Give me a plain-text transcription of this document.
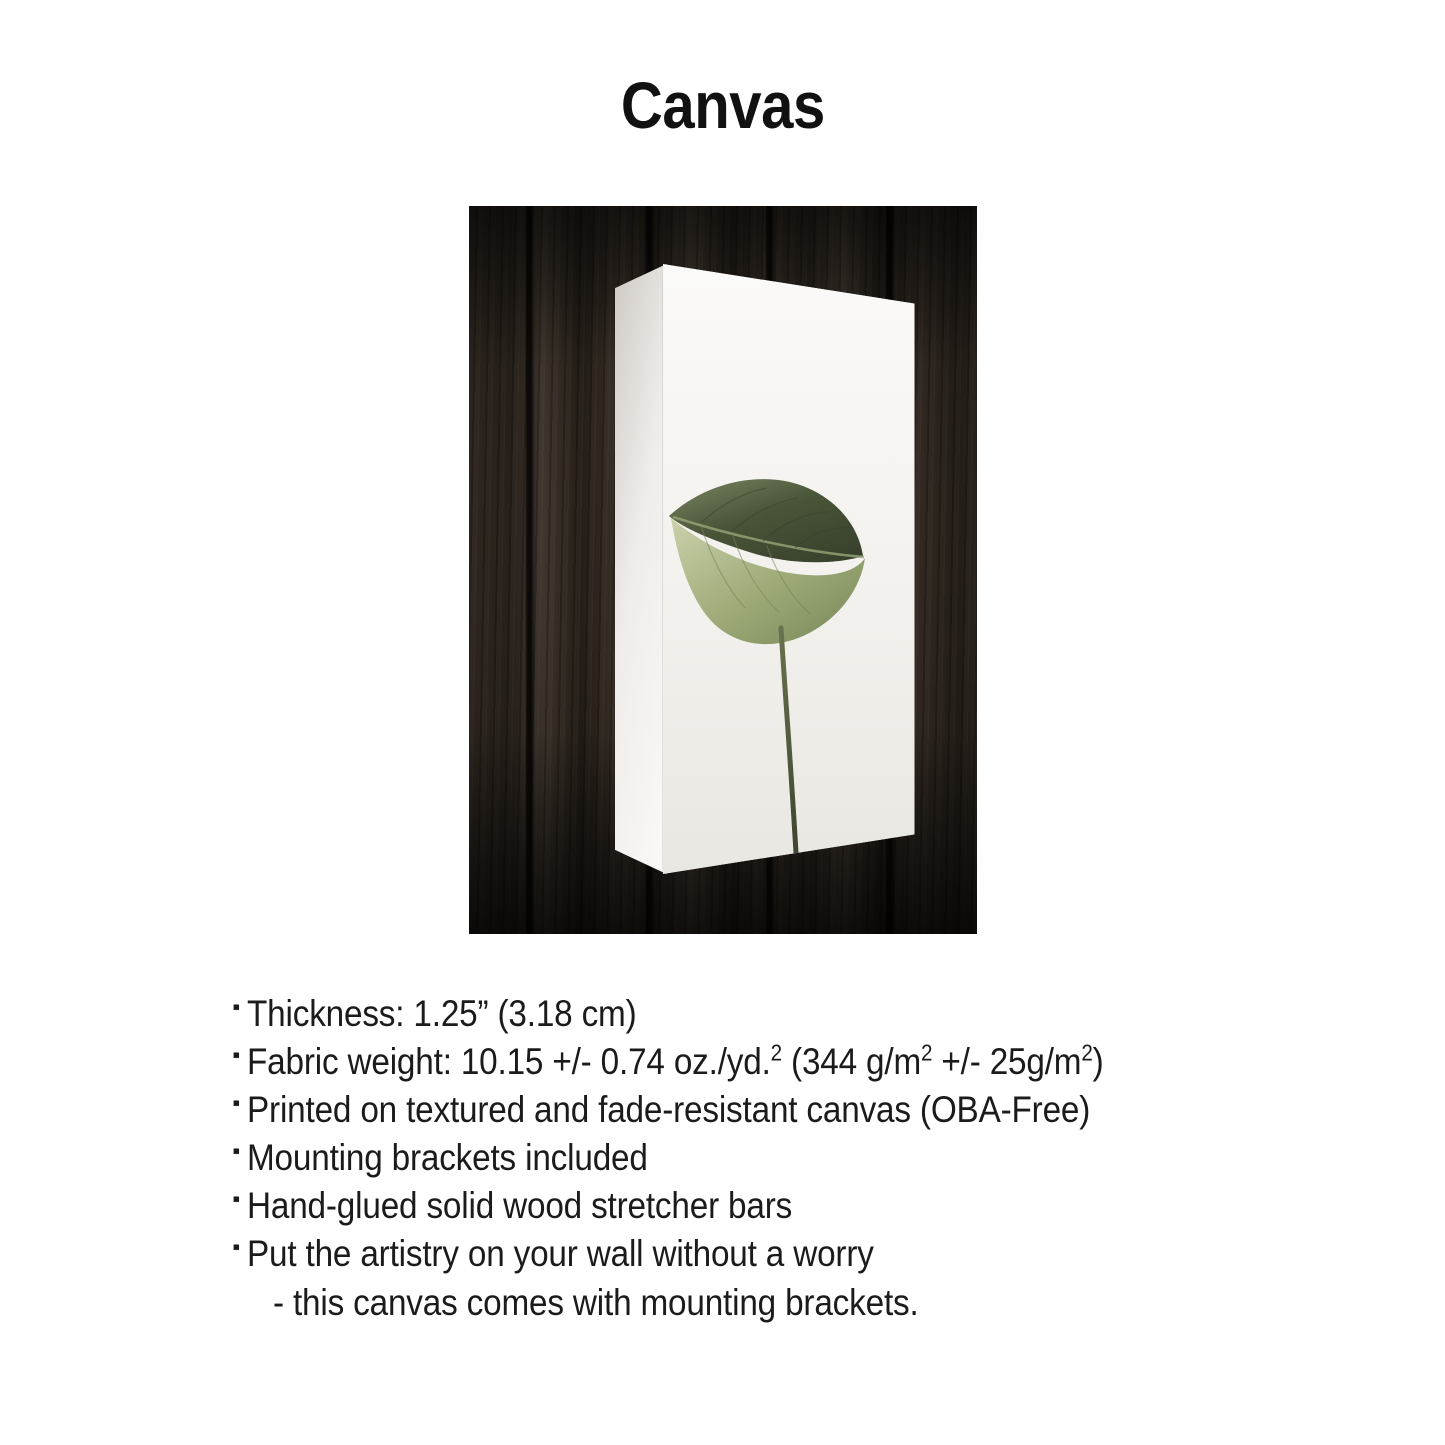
Canvas
▪ Thickness: 1.25” (3.18 cm)
▪ Fabric weight: 10.15 +/- 0.74 oz./yd.$^2$ (344 $g/m^2$ +/- $25g/m^2$)
▪ Printed on textured and fade-resistant canvas (OBA-Free)
▪ Mounting brackets included
▪ Hand-glued solid wood stretcher bars
▪ Put the artistry on your wall without a worry
- this canvas comes with mounting brackets.
